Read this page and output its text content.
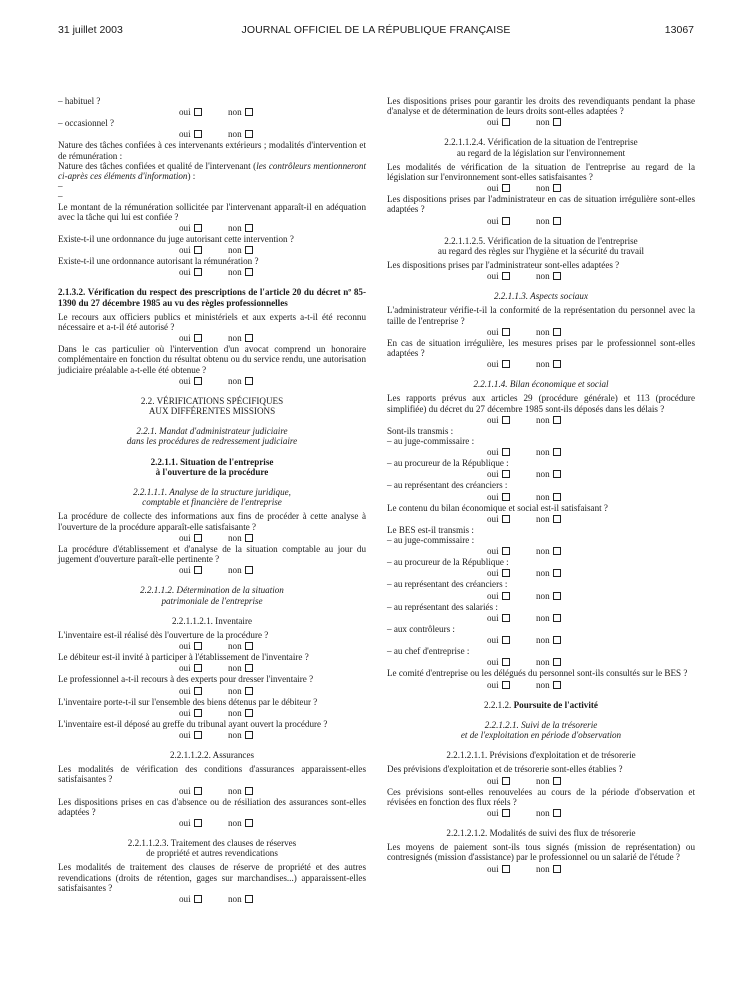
31 juillet 2003	JOURNAL OFFICIEL DE LA RÉPUBLIQUE FRANÇAISE	13067

– habituel ?

oui	non

– occasionnel ?

oui	non

Nature des tâches confiées à ces intervenants extérieurs ; modalités d'intervention et de rémunération :

Nature des tâches confiées et qualité de l'intervenant (les contrôleurs mentionneront ci-après ces éléments d'information) :

–

–

Le montant de la rémunération sollicitée par l'intervenant apparaît-il en adéquation avec la tâche qui lui est confiée ?

oui	non

Existe-t-il une ordonnance du juge autorisant cette intervention ?

oui	non

Existe-t-il une ordonnance autorisant la rémunération ?

oui	non

2.1.3.2. Vérification du respect des prescriptions de l'article 20 du décret nº 85-1390 du 27 décembre 1985 au vu des règles professionnelles

Le recours aux officiers publics et ministériels et aux experts a-t-il été reconnu nécessaire et a-t-il été autorisé ?

oui	non

Dans le cas particulier où l'intervention d'un avocat comprend un honoraire complémentaire en fonction du résultat obtenu ou du service rendu, une autorisation judiciaire préalable a-t-elle été obtenue ?

oui	non

2.2. VÉRIFICATIONS SPÉCIFIQUES

AUX DIFFÉRENTES MISSIONS

2.2.1. Mandat d'administrateur judiciaire

dans les procédures de redressement judiciaire

2.2.1.1. Situation de l'entreprise

à l'ouverture de la procédure

2.2.1.1.1. Analyse de la structure juridique,

comptable et financière de l'entreprise

La procédure de collecte des informations aux fins de procéder à cette analyse à l'ouverture de la procédure apparaît-elle satisfaisante ?

oui	non

La procédure d'établissement et d'analyse de la situation comptable au jour du jugement d'ouverture paraît-elle pertinente ?

oui	non

2.2.1.1.2. Détermination de la situation

patrimoniale de l'entreprise

2.2.1.1.2.1. Inventaire

L'inventaire est-il réalisé dès l'ouverture de la procédure ?

oui	non

Le débiteur est-il invité à participer à l'établissement de l'inventaire ?

oui	non

Le professionnel a-t-il recours à des experts pour dresser l'inventaire ?

oui	non

L'inventaire porte-t-il sur l'ensemble des biens détenus par le débiteur ?

oui	non

L'inventaire est-il déposé au greffe du tribunal ayant ouvert la procédure ?

oui	non

2.2.1.1.2.2. Assurances

Les modalités de vérification des conditions d'assurances apparaissent-elles satisfaisantes ?

oui	non

Les dispositions prises en cas d'absence ou de résiliation des assurances sont-elles adaptées ?

oui	non

2.2.1.1.2.3. Traitement des clauses de réserves

de propriété et autres revendications

Les modalités de traitement des clauses de réserve de propriété et des autres revendications (droits de rétention, gages sur marchandises...) apparaissent-elles satisfaisantes ?

oui	non

Les dispositions prises pour garantir les droits des revendiquants pendant la phase d'analyse et de détermination de leurs droits sont-elles adaptées ?

oui	non

2.2.1.1.2.4. Vérification de la situation de l'entreprise

au regard de la législation sur l'environnement

Les modalités de vérification de la situation de l'entreprise au regard de la législation sur l'environnement sont-elles satisfaisantes ?

oui	non

Les dispositions prises par l'administrateur en cas de situation irrégulière sont-elles adaptées ?

oui	non

2.2.1.1.2.5. Vérification de la situation de l'entreprise

au regard des règles sur l'hygiène et la sécurité du travail

Les dispositions prises par l'administrateur sont-elles adaptées ?

oui	non

2.2.1.1.3. Aspects sociaux

L'administrateur vérifie-t-il la conformité de la représentation du personnel avec la taille de l'entreprise ?

oui	non

En cas de situation irrégulière, les mesures prises par le professionnel sont-elles adaptées ?

oui	non

2.2.1.1.4. Bilan économique et social

Les rapports prévus aux articles 29 (procédure générale) et 113 (procédure simplifiée) du décret du 27 décembre 1985 sont-ils déposés dans les délais ?

oui	non

Sont-ils transmis :

– au juge-commissaire :

oui	non

– au procureur de la République :

oui	non

– au représentant des créanciers :

oui	non

Le contenu du bilan économique et social est-il satisfaisant ?

oui	non

Le BES est-il transmis :

– au juge-commissaire :

oui	non

– au procureur de la République :

oui	non

– au représentant des créanciers :

oui	non

– au représentant des salariés :

oui	non

– aux contrôleurs :

oui	non

– au chef d'entreprise :

oui	non

Le comité d'entreprise ou les délégués du personnel sont-ils consultés sur le BES ?

oui	non

2.2.1.2. Poursuite de l'activité

2.2.1.2.1. Suivi de la trésorerie

et de l'exploitation en période d'observation

2.2.1.2.1.1. Prévisions d'exploitation et de trésorerie

Des prévisions d'exploitation et de trésorerie sont-elles établies ?

oui	non

Ces prévisions sont-elles renouvelées au cours de la période d'observation et révisées en fonction des flux réels ?

oui	non

2.2.1.2.1.2. Modalités de suivi des flux de trésorerie

Les moyens de paiement sont-ils tous signés (mission de représentation) ou contresignés (mission d'assistance) par le professionnel ou un salarié de l'étude ?

oui	non
